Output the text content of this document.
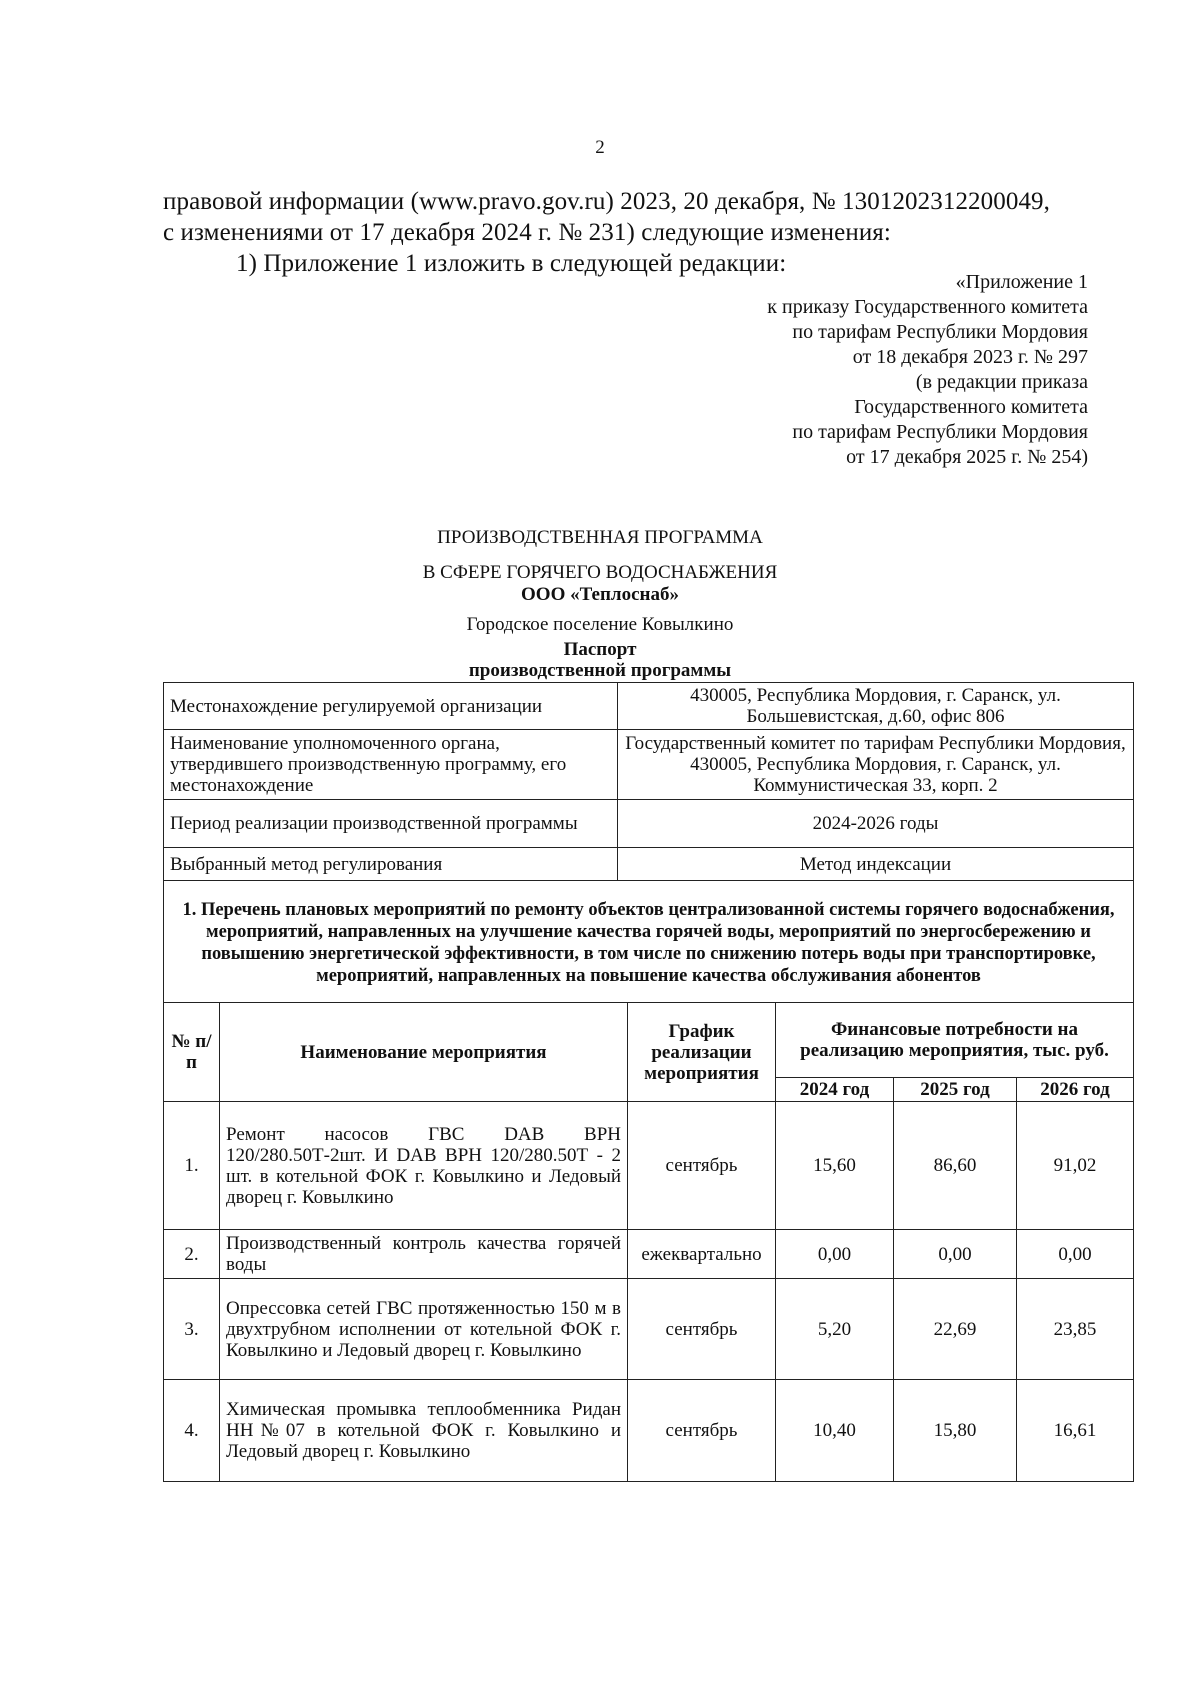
2
правовой информации (www.pravo.gov.ru) 2023, 20 декабря, № 1301202312200049,
с изменениями от 17 декабря 2024 г. № 231) следующие изменения:
1) Приложение 1 изложить в следующей редакции:
«Приложение 1
к приказу Государственного комитета
по тарифам Республики Мордовия
от 18 декабря 2023 г. № 297
(в редакции приказа
Государственного комитета
по тарифам Республики Мордовия
от 17 декабря 2025 г. № 254)
ПРОИЗВОДСТВЕННАЯ ПРОГРАММА
В СФЕРЕ ГОРЯЧЕГО ВОДОСНАБЖЕНИЯ
ООО «Теплоснаб»
Городское поселение Ковылкино
Паспорт
производственной программы
Местонахождение регулируемой организации	430005, Республика Мордовия, г. Саранск, ул. Большевистская, д.60, офис 806
Наименование уполномоченного органа, утвердившего производственную программу, его местонахождение	Государственный комитет по тарифам Республики Мордовия, 430005, Республика Мордовия, г. Саранск, ул. Коммунистическая 33, корп. 2
Период реализации производственной программы	2024-2026 годы
Выбранный метод регулирования	Метод индексации
1. Перечень плановых мероприятий по ремонту объектов централизованной системы горячего водоснабжения, мероприятий, направленных на улучшение качества горячей воды, мероприятий по энергосбережению и повышению энергетической эффективности, в том числе по снижению потерь воды при транспортировке, мероприятий, направленных на повышение качества обслуживания абонентов					
№ п/п	Наименование мероприятия	График реализации мероприятия	Финансовые потребности на реализацию мероприятия, тыс. руб.		
			2024 год	2025 год	2026 год
1.	Ремонт насосов ГВС DAB ВРН 120/280.50Т-2шт. И DAB ВРН 120/280.50Т - 2 шт. в котельной ФОК г. Ковылкино и Ледовый дворец г. Ковылкино	сентябрь	15,60	86,60	91,02
2.	Производственный контроль качества горячей воды	ежеквартально	0,00	0,00	0,00
3.	Опрессовка сетей ГВС протяженностью 150 м в двухтрубном исполнении от котельной ФОК г. Ковылкино и Ледовый дворец г. Ковылкино	сентябрь	5,20	22,69	23,85
4.	Химическая промывка теплообменника Ридан НН№07 в котельной ФОК г. Ковылкино и Ледовый дворец г. Ковылкино	сентябрь	10,40	15,80	16,61
